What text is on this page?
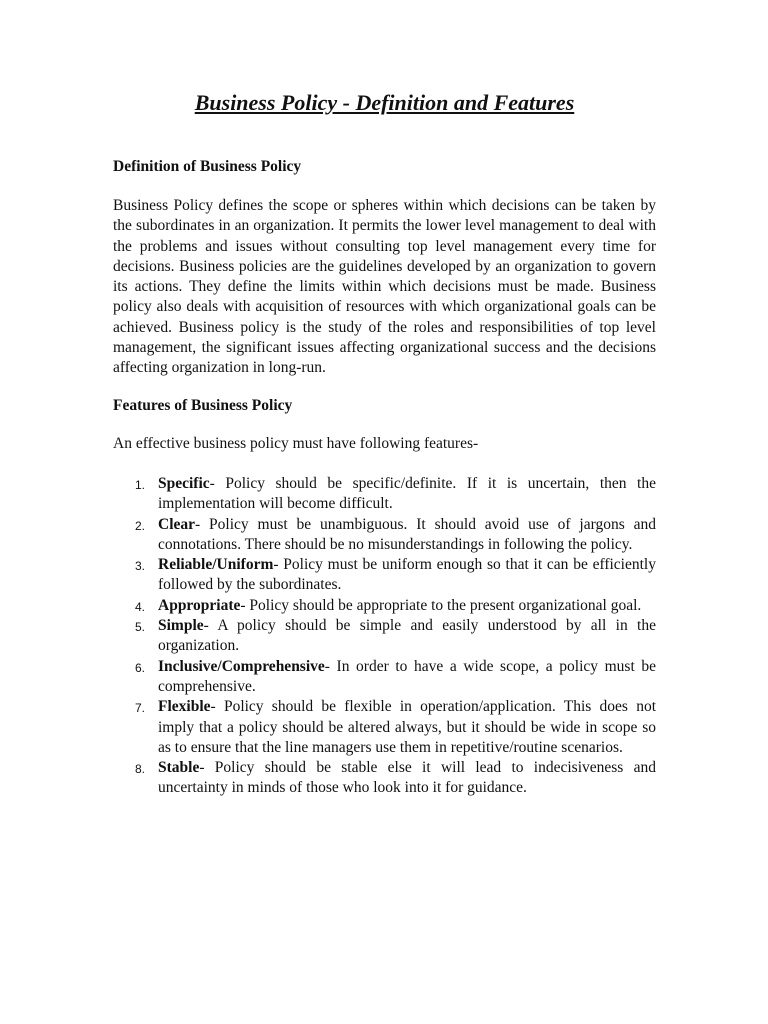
Business Policy - Definition and Features
Definition of Business Policy

Business Policy defines the scope or spheres within which decisions can be taken by the subordinates in an organization. It permits the lower level management to deal with the problems and issues without consulting top level management every time for decisions. Business policies are the guidelines developed by an organization to govern its actions. They define the limits within which decisions must be made. Business policy also deals with acquisition of resources with which organizational goals can be achieved. Business policy is the study of the roles and responsibilities of top level management, the significant issues affecting organizational success and the decisions affecting organization in long-run.

Features of Business Policy

An effective business policy must have following features-

1. Specific- Policy should be specific/definite. If it is uncertain, then the implementation will become difficult.
2. Clear- Policy must be unambiguous. It should avoid use of jargons and connotations. There should be no misunderstandings in following the policy.
3. Reliable/Uniform- Policy must be uniform enough so that it can be efficiently followed by the subordinates.
4. Appropriate- Policy should be appropriate to the present organizational goal.
5. Simple- A policy should be simple and easily understood by all in the organization.
6. Inclusive/Comprehensive- In order to have a wide scope, a policy must be comprehensive.
7. Flexible- Policy should be flexible in operation/application. This does not imply that a policy should be altered always, but it should be wide in scope so as to ensure that the line managers use them in repetitive/routine scenarios.
8. Stable- Policy should be stable else it will lead to indecisiveness and uncertainty in minds of those who look into it for guidance.
